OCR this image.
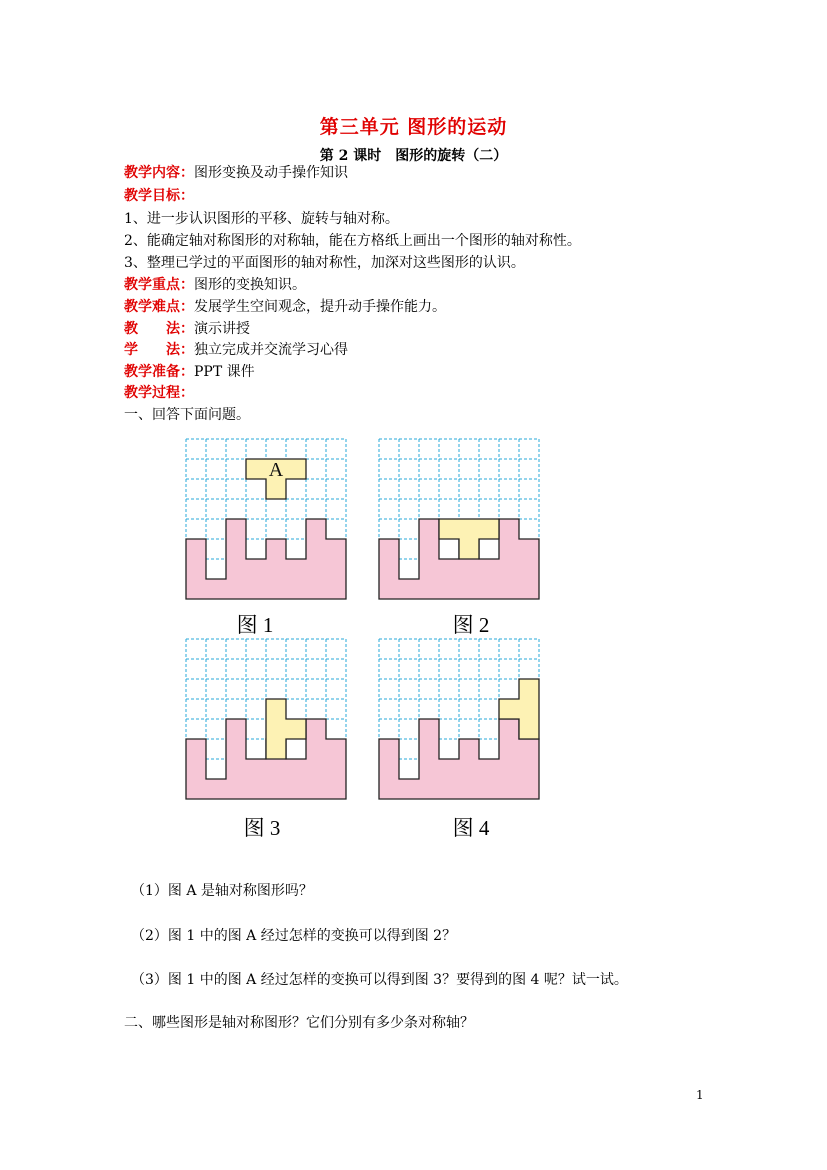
第三单元 图形的运动
第 2 课时　图形的旋转（二）
教学内容：图形变换及动手操作知识
教学目标：
1、进一步认识图形的平移、旋转与轴对称。
2、能确定轴对称图形的对称轴，能在方格纸上画出一个图形的轴对称性。
3、整理已学过的平面图形的轴对称性，加深对这些图形的认识。
教学重点：图形的变换知识。
教学难点：发展学生空间观念，提升动手操作能力。
教　　法：演示讲授
学　　法：独立完成并交流学习心得
教学准备：PPT 课件
教学过程：
一、回答下面问题。
A
图 1	图 2
图 3	图 4
（1）图 A 是轴对称图形吗？
（2）图 1 中的图 A 经过怎样的变换可以得到图 2？
（3）图 1 中的图 A 经过怎样的变换可以得到图 3？要得到的图 4 呢？试一试。
二、哪些图形是轴对称图形？它们分别有多少条对称轴？
1
